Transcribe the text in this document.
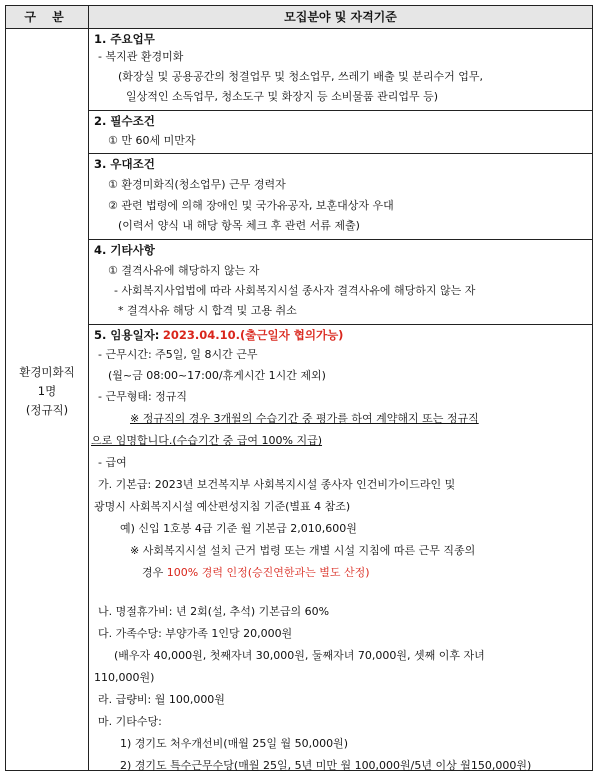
구 분	모집분야 및 자격기준
환경미화직
1명
(정규직)
1. 주요업무
- 복지관 환경미화
(화장실 및 공용공간의 청결업무 및 청소업무, 쓰레기 배출 및 분리수거 업무,
일상적인 소독업무, 청소도구 및 화장지 등 소비물품 관리업무 등)
2. 필수조건
① 만 60세 미만자
3. 우대조건
① 환경미화직(청소업무) 근무 경력자
② 관련 법령에 의해 장애인 및 국가유공자, 보훈대상자 우대
(이력서 양식 내 해당 항목 체크 후 관련 서류 제출)
4. 기타사항
① 결격사유에 해당하지 않는 자
- 사회복지사업법에 따라 사회복지시설 종사자 결격사유에 해당하지 않는 자
* 결격사유 해당 시 합격 및 고용 취소
5. 임용일자: 2023.04.10.(출근일자 협의가능)
- 근무시간: 주5일, 일 8시간 근무
(월~금 08:00~17:00/휴게시간 1시간 제외)
- 근무형태: 정규직
※ 정규직의 경우 3개월의 수습기간 중 평가를 하여 계약해지 또는 정규직
으로 임명합니다.(수습기간 중 급여 100% 지급)
- 급여
가. 기본급: 2023년 보건복지부 사회복지시설 종사자 인건비가이드라인 및
광명시 사회복지시설 예산편성지침 기준(별표 4 참조)
예) 신입 1호봉 4급 기준 월 기본급 2,010,600원
※ 사회복지시설 설치 근거 법령 또는 개별 시설 지침에 따른 근무 직종의
경우 100% 경력 인정(승진연한과는 별도 산정)
나. 명절휴가비: 년 2회(설, 추석) 기본급의 60%
다. 가족수당: 부양가족 1인당 20,000원
(배우자 40,000원, 첫째자녀 30,000원, 둘째자녀 70,000원, 셋째 이후 자녀
110,000원)
라. 급량비: 월 100,000원
마. 기타수당:
1) 경기도 처우개선비(매월 25일 월 50,000원)
2) 경기도 특수근무수당(매월 25일, 5년 미만 월 100,000원/5년 이상 월150,000원)
